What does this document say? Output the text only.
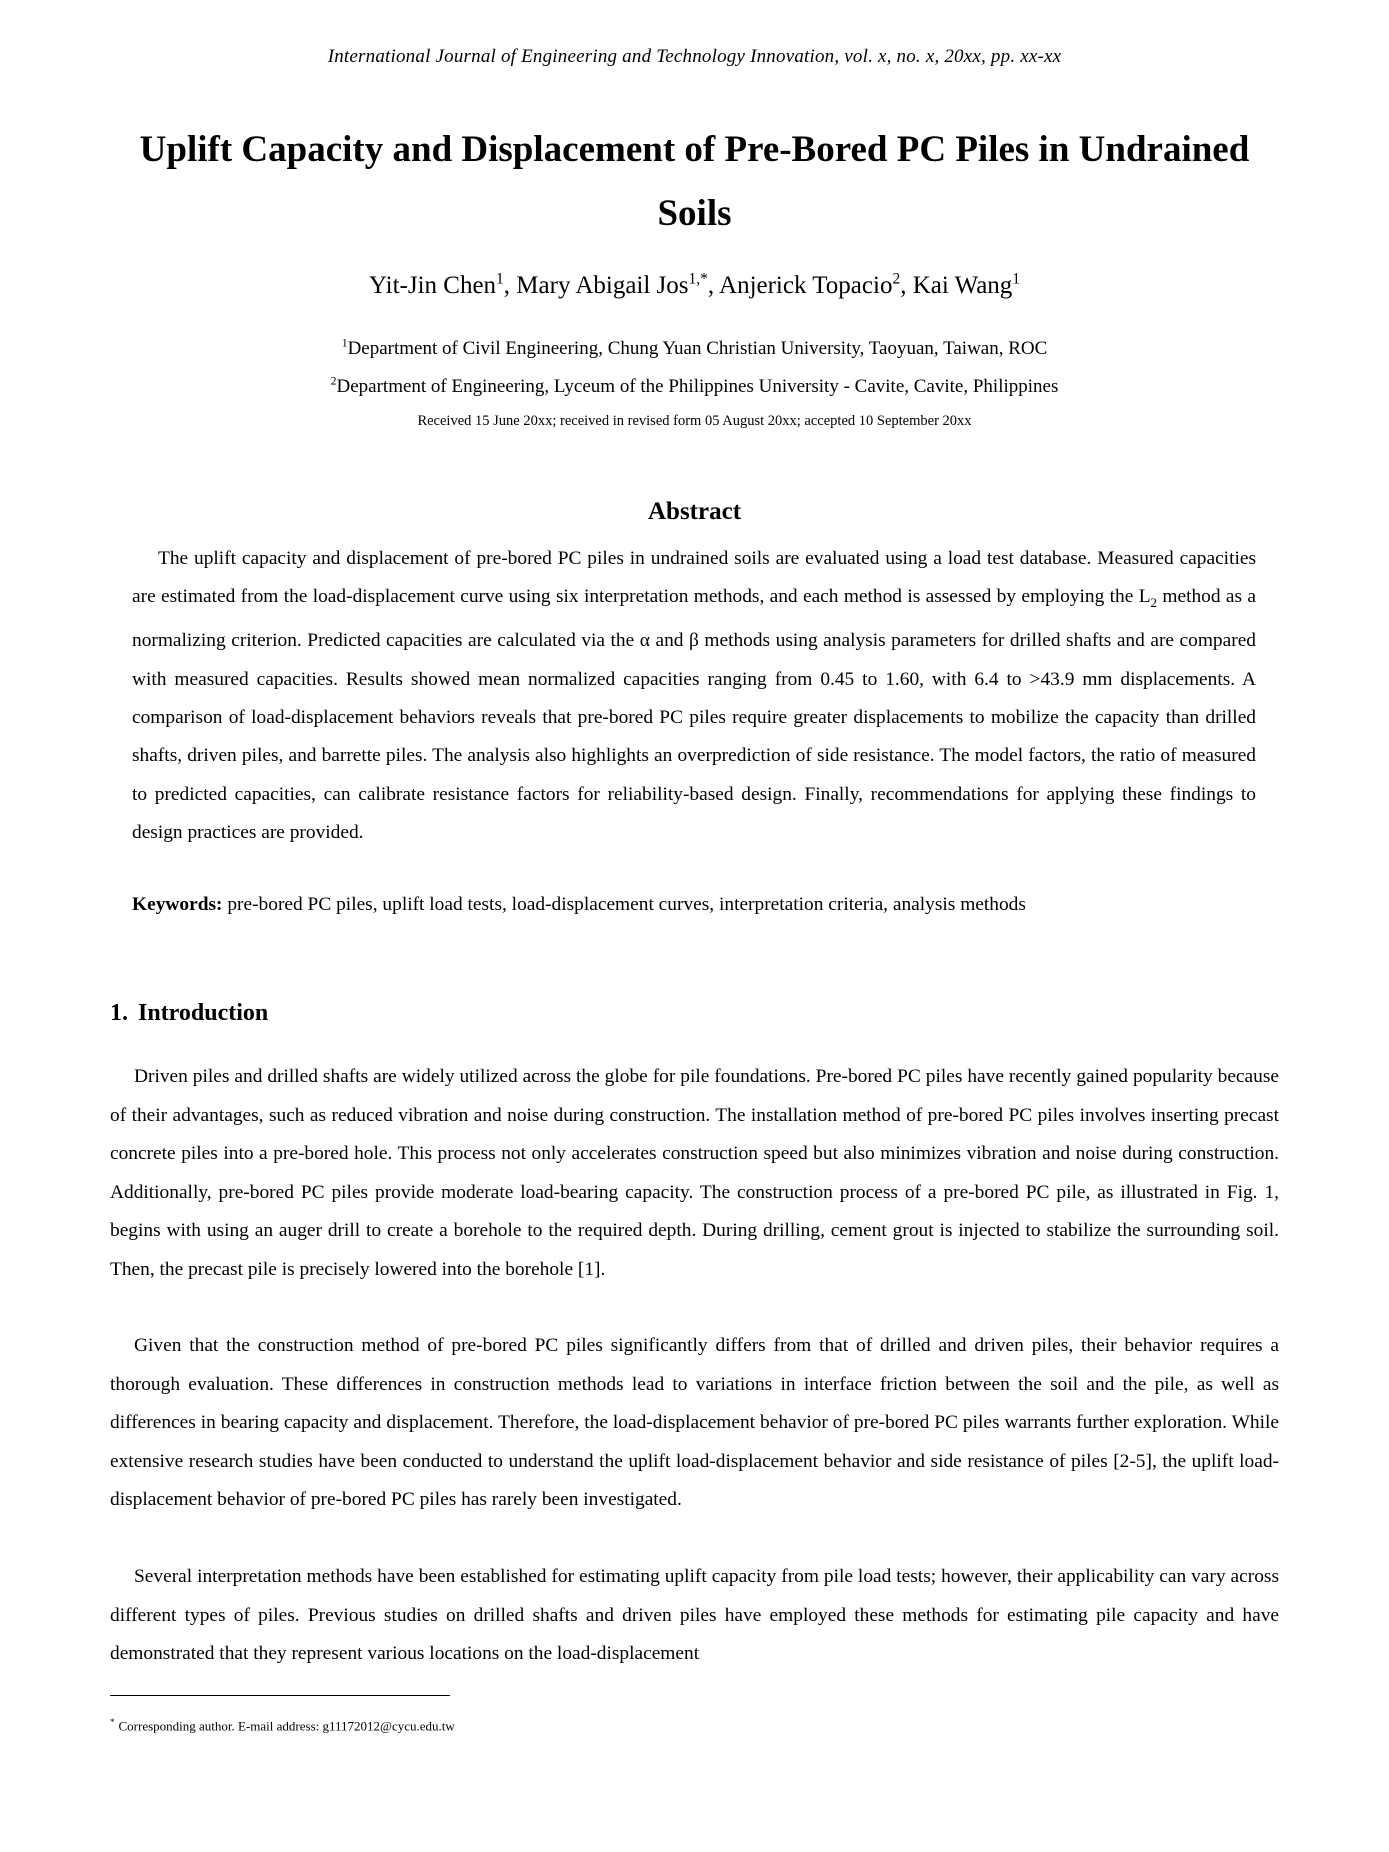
International Journal of Engineering and Technology Innovation, vol. x, no. x, 20xx, pp. xx-xx
Uplift Capacity and Displacement of Pre-Bored PC Piles in Undrained Soils
Yit-Jin Chen$^1$, Mary Abigail Jos$^{1,*}$, Anjerick Topacio$^2$, Kai Wang$^1$
$^1$Department of Civil Engineering, Chung Yuan Christian University, Taoyuan, Taiwan, ROC
$^2$Department of Engineering, Lyceum of the Philippines University - Cavite, Cavite, Philippines
Received 15 June 20xx; received in revised form 05 August 20xx; accepted 10 September 20xx
Abstract

The uplift capacity and displacement of pre-bored PC piles in undrained soils are evaluated using a load test database. Measured capacities are estimated from the load-displacement curve using six interpretation methods, and each method is assessed by employing the $L_2$ method as a normalizing criterion. Predicted capacities are calculated via the α and β methods using analysis parameters for drilled shafts and are compared with measured capacities. Results showed mean normalized capacities ranging from 0.45 to 1.60, with 6.4 to >43.9 mm displacements. A comparison of load-displacement behaviors reveals that pre-bored PC piles require greater displacements to mobilize the capacity than drilled shafts, driven piles, and barrette piles. The analysis also highlights an overprediction of side resistance. The model factors, the ratio of measured to predicted capacities, can calibrate resistance factors for reliability-based design. Finally, recommendations for applying these findings to design practices are provided.

Keywords: pre-bored PC piles, uplift load tests, load-displacement curves, interpretation criteria, analysis methods

1. Introduction

Driven piles and drilled shafts are widely utilized across the globe for pile foundations. Pre-bored PC piles have recently gained popularity because of their advantages, such as reduced vibration and noise during construction. The installation method of pre-bored PC piles involves inserting precast concrete piles into a pre-bored hole. This process not only accelerates construction speed but also minimizes vibration and noise during construction. Additionally, pre-bored PC piles provide moderate load-bearing capacity. The construction process of a pre-bored PC pile, as illustrated in Fig. 1, begins with using an auger drill to create a borehole to the required depth. During drilling, cement grout is injected to stabilize the surrounding soil. Then, the precast pile is precisely lowered into the borehole [1].

Given that the construction method of pre-bored PC piles significantly differs from that of drilled and driven piles, their behavior requires a thorough evaluation. These differences in construction methods lead to variations in interface friction between the soil and the pile, as well as differences in bearing capacity and displacement. Therefore, the load-displacement behavior of pre-bored PC piles warrants further exploration. While extensive research studies have been conducted to understand the uplift load-displacement behavior and side resistance of piles [2-5], the uplift load-displacement behavior of pre-bored PC piles has rarely been investigated.

Several interpretation methods have been established for estimating uplift capacity from pile load tests; however, their applicability can vary across different types of piles. Previous studies on drilled shafts and driven piles have employed these methods for estimating pile capacity and have demonstrated that they represent various locations on the load-displacement

* Corresponding author. E-mail address: g11172012@cycu.edu.tw
